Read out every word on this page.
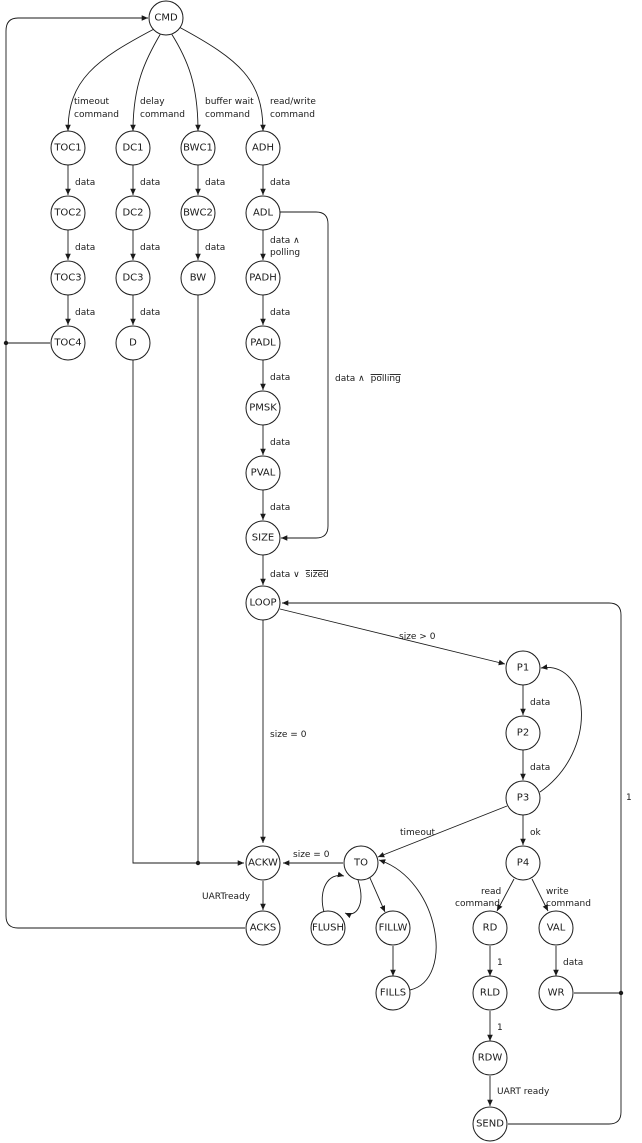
timeout
command
delay
command
buffer wait
command
read/write
command
data
data
data
data
data
data
data
data
data
data ∧
polling
data
data
data
data
data ∧ polling
data ∨ sized
size > 0
size = 0
data
data
timeout	ok
size = 0
UARTready	read
command
write
command
data
1
1
UART ready
1
CMD
TOC1
TOC2
TOC3
TOC4
DC1
DC2
DC3
D
BWC1
BWC2
BW
ADH
ADL
PADH
PADL
PMSK
PVAL
SIZE
LOOP
P1
P2
P3
P4
ACKW
ACKS
TO
FLUSH	FILLW
FILLS
RD	VAL
RLD	WR
RDW
SEND
